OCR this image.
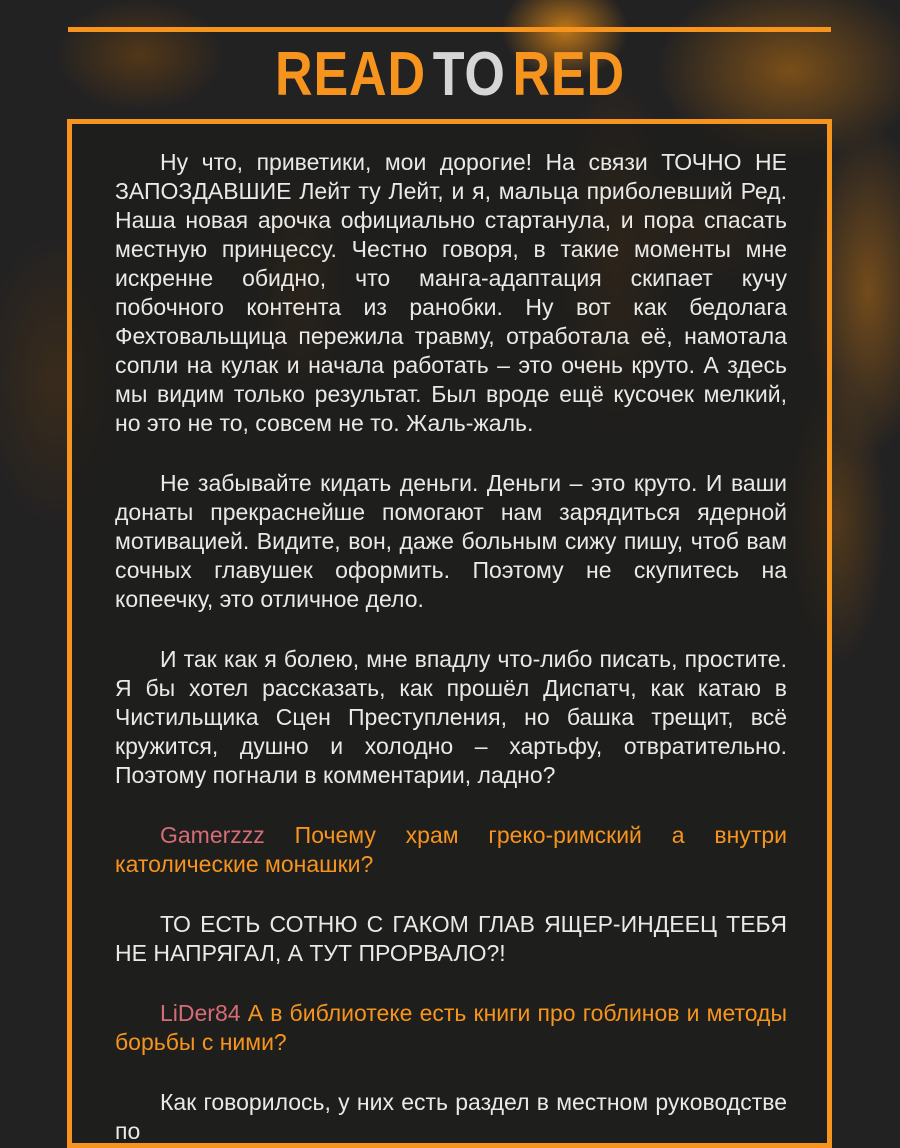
READ TO RED

Ну что, приветики, мои дорогие! На связи ТОЧНО НЕ ЗАПОЗДАВШИЕ Лейт ту Лейт, и я, мальца приболевший Ред. Наша новая арочка официально стартанула, и пора спасать местную принцессу. Честно говоря, в такие моменты мне искренне обидно, что манга-адаптация скипает кучу побочного контента из ранобки. Ну вот как бедолага Фехтовальщица пережила травму, отработала её, намотала сопли на кулак и начала работать – это очень круто. А здесь мы видим только результат. Был вроде ещё кусочек мелкий, но это не то, совсем не то. Жаль-жаль.

Не забывайте кидать деньги. Деньги – это круто. И ваши донаты прекраснейше помогают нам зарядиться ядерной мотивацией. Видите, вон, даже больным сижу пишу, чтоб вам сочных главушек оформить. Поэтому не скупитесь на копеечку, это отличное дело.

И так как я болею, мне впадлу что-либо писать, простите. Я бы хотел рассказать, как прошёл Диспатч, как катаю в Чистильщика Сцен Преступления, но башка трещит, всё кружится, душно и холодно – хартьфу, отвратительно. Поэтому погнали в комментарии, ладно?

Gamerzzz Почему храм греко-римский а внутри католические монашки?

ТО ЕСТЬ СОТНЮ С ГАКОМ ГЛАВ ЯЩЕР-ИНДЕЕЦ ТЕБЯ НЕ НАПРЯГАЛ, А ТУТ ПРОРВАЛО?!

LiDer84 А в библиотеке есть книги про гоблинов и методы борьбы с ними?

Как говорилось, у них есть раздел в местном руководстве по
